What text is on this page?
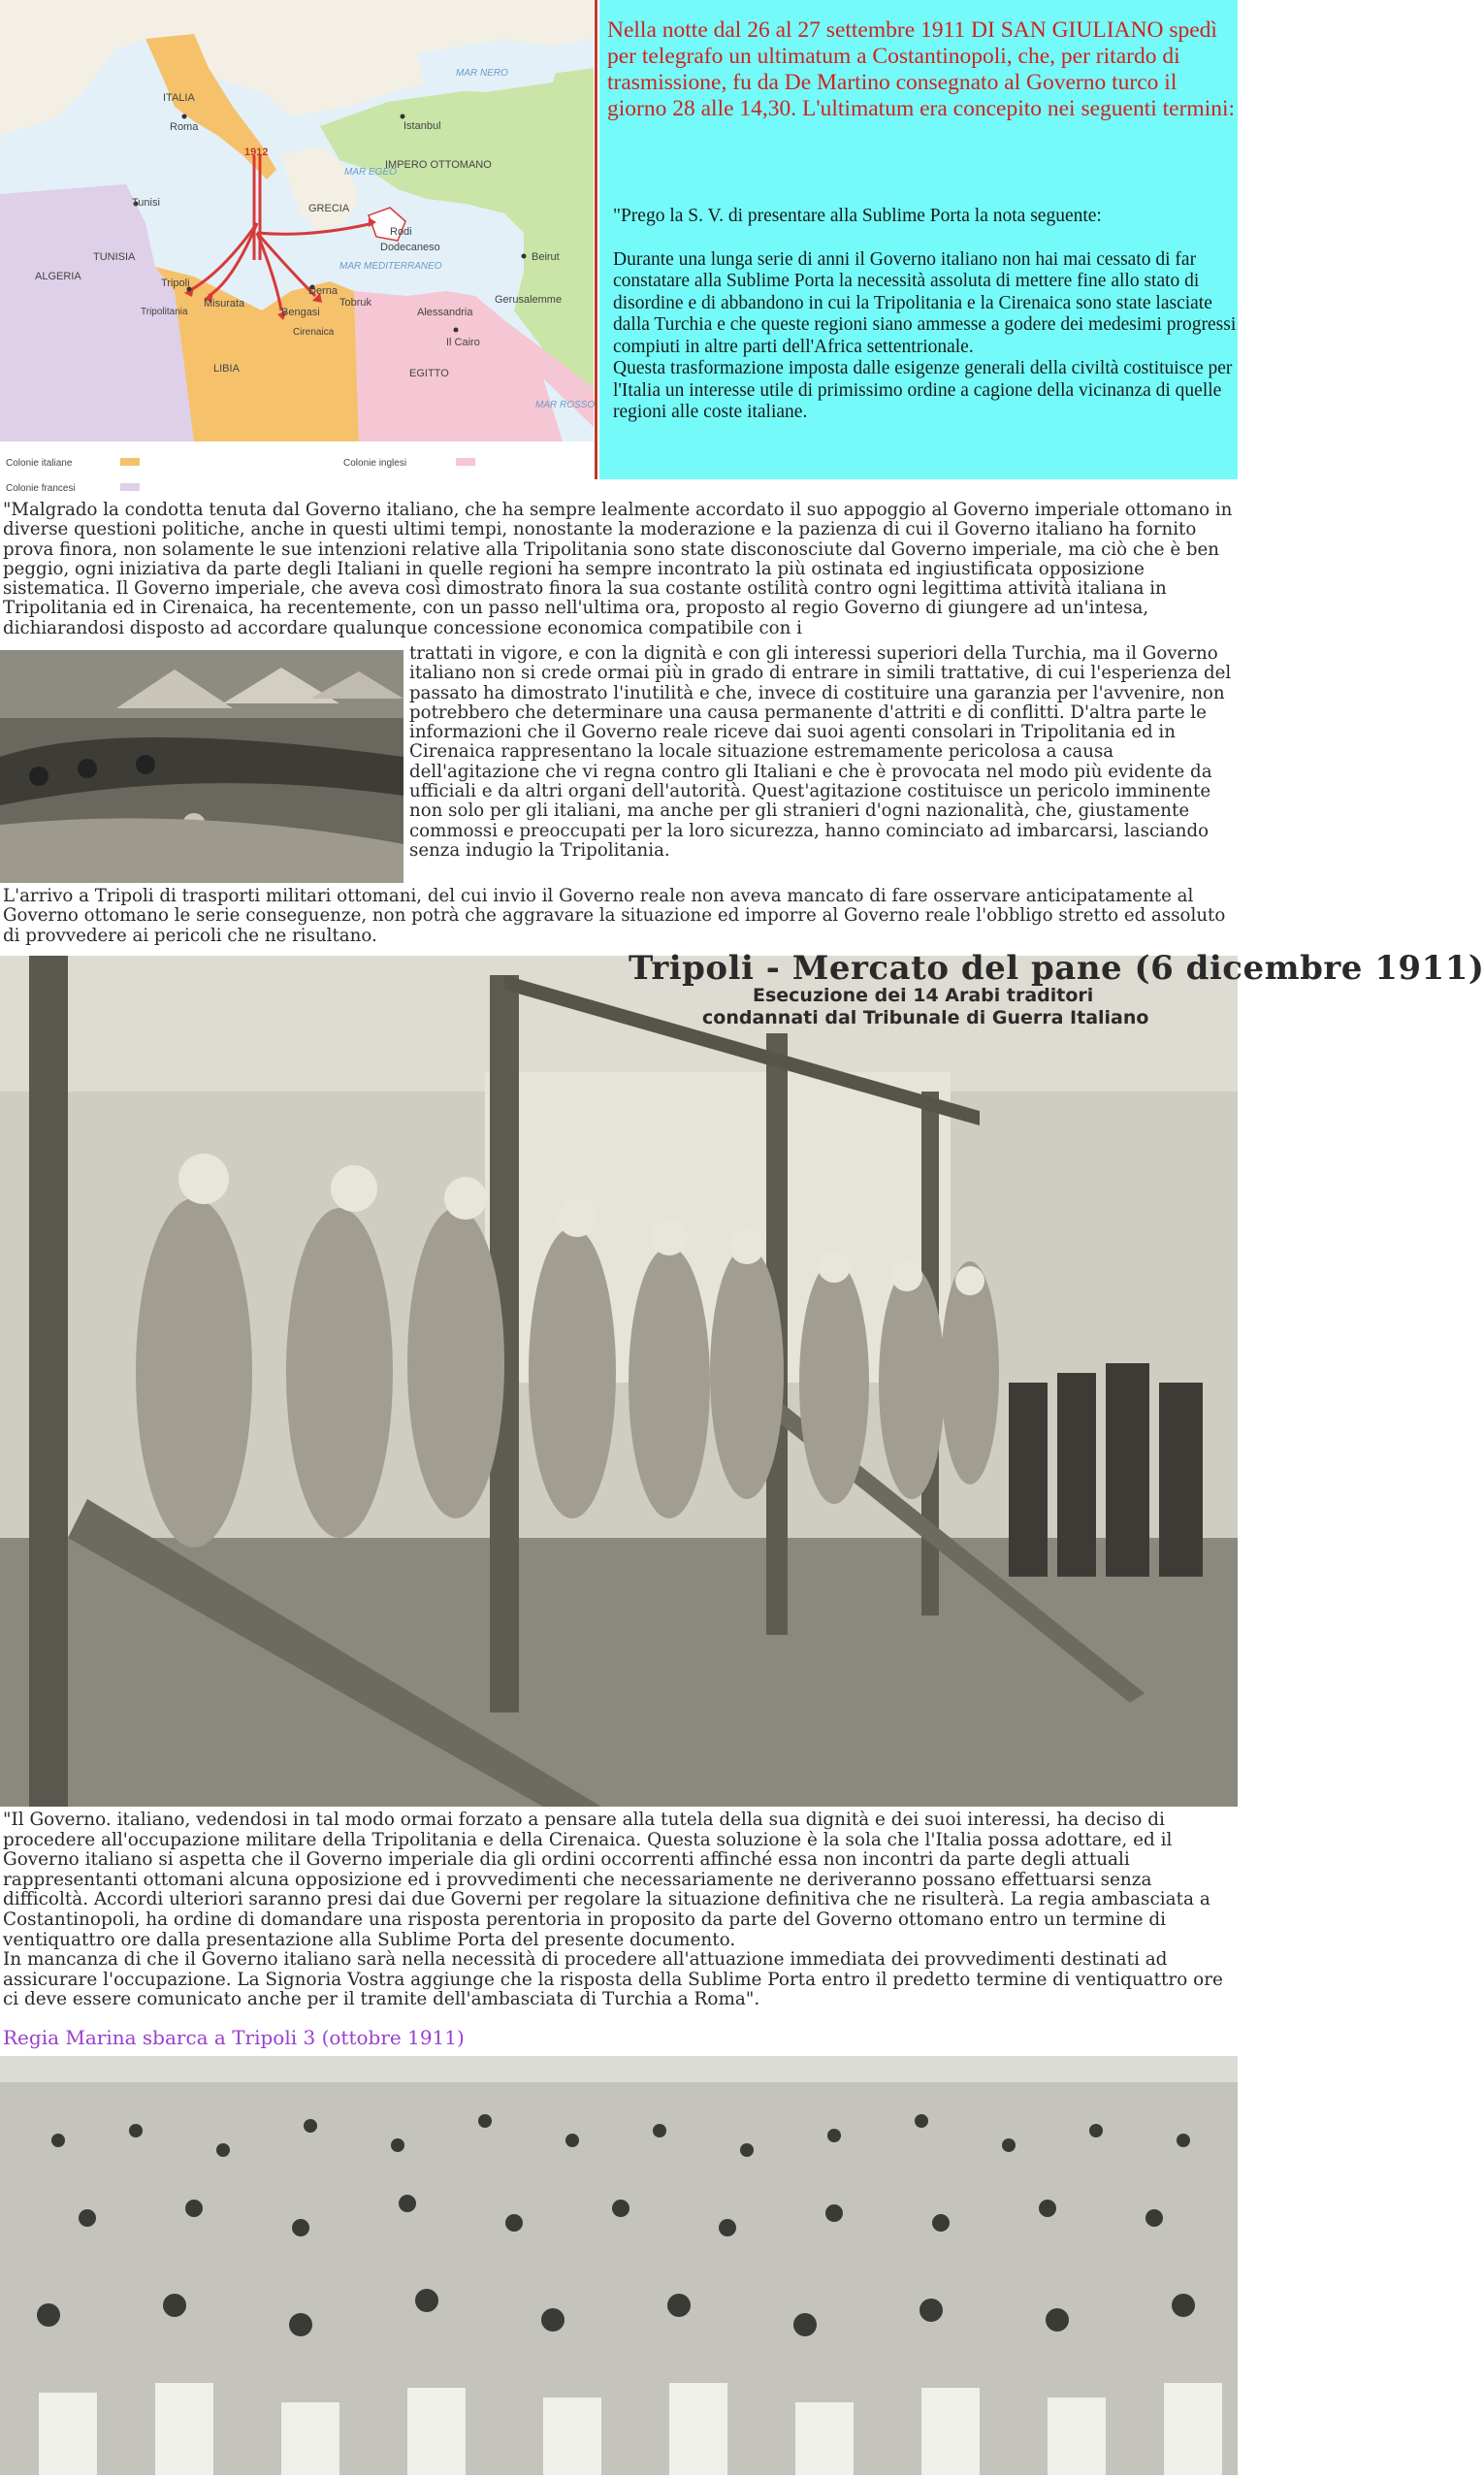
MAR NERO
ITALIA
Roma	Istanbul
1912
MAR EGEO
IMPERO OTTOMANO
Tunisi	GRECIA
Rodi
Dodecaneso
TUNISIA
MAR MEDITERRANEO
Beirut
ALGERIA
Tripoli
Misurata
Derna
Tobruk	Gerusalemme
Tripolitania	Bengasi	Alessandria
Cirenaica
Il Cairo
LIBIA	EGITTO
MAR ROSSO
Colonie italiane	Colonie inglesi
Colonie francesi
Nella notte dal 26 al 27 settembre 1911 DI SAN GIULIANO spedì per telegrafo un ultimatum a Costantinopoli, che, per ritardo di trasmissione, fu da De Martino consegnato al Governo turco il giorno 28 alle 14,30. L'ultimatum era concepito nei seguenti termini:

"Prego la S. V. di presentare alla Sublime Porta la nota seguente:

Durante una lunga serie di anni il Governo italiano non hai mai cessato di far constatare alla Sublime Porta la necessità assoluta di mettere fine allo stato di disordine e di abbandono in cui la Tripolitania e la Cirenaica sono state lasciate dalla Turchia e che queste regioni siano ammesse a godere dei medesimi progressi compiuti in altre parti dell'Africa settentrionale.

Questa trasformazione imposta dalle esigenze generali della civiltà costituisce per l'Italia un interesse utile di primissimo ordine a cagione della vicinanza di quelle regioni alle coste italiane.

"Malgrado la condotta tenuta dal Governo italiano, che ha sempre lealmente accordato il suo appoggio al Governo imperiale ottomano in diverse questioni politiche, anche in questi ultimi tempi, nonostante la moderazione e la pazienza di cui il Governo italiano ha fornito prova finora, non solamente le sue intenzioni relative alla Tripolitania sono state disconosciute dal Governo imperiale, ma ciò che è ben peggio, ogni iniziativa da parte degli Italiani in quelle regioni ha sempre incontrato la più ostinata ed ingiustificata opposizione sistematica. Il Governo imperiale, che aveva così dimostrato finora la sua costante ostilità contro ogni legittima attività italiana in Tripolitania ed in Cirenaica, ha recentemente, con un passo nell'ultima ora, proposto al regio Governo di giungere ad un'intesa, dichiarandosi disposto ad accordare qualunque concessione economica compatibile con i
trattati in vigore, e con la dignità e con gli interessi superiori della Turchia, ma il Governo italiano non si crede ormai più in grado di entrare in simili trattative, di cui l'esperienza del passato ha dimostrato l'inutilità e che, invece di costituire una garanzia per l'avvenire, non potrebbero che determinare una causa permanente d'attriti e di conflitti. D'altra parte le informazioni che il Governo reale riceve dai suoi agenti consolari in Tripolitania ed in Cirenaica rappresentano la locale situazione estremamente pericolosa a causa dell'agitazione che vi regna contro gli Italiani e che è provocata nel modo più evidente da ufficiali e da altri organi dell'autorità. Quest'agitazione costituisce un pericolo imminente non solo per gli italiani, ma anche per gli stranieri d'ogni nazionalità, che, giustamente commossi e preoccupati per la loro sicurezza, hanno cominciato ad imbarcarsi, lasciando senza indugio la Tripolitania.
L'arrivo a Tripoli di trasporti militari ottomani, del cui invio il Governo reale non aveva mancato di fare osservare anticipatamente al Governo ottomano le serie conseguenze, non potrà che aggravare la situazione ed imporre al Governo reale l'obbligo stretto ed assoluto di provvedere ai pericoli che ne risultano.
Tripoli - Mercato del pane (6 dicembre 1911)
Esecuzione dei 14 Arabi traditori
condannati dal Tribunale di Guerra Italiano
"Il Governo. italiano, vedendosi in tal modo ormai forzato a pensare alla tutela della sua dignità e dei suoi interessi, ha deciso di procedere all'occupazione militare della Tripolitania e della Cirenaica. Questa soluzione è la sola che l'Italia possa adottare, ed il Governo italiano si aspetta che il Governo imperiale dia gli ordini occorrenti affinché essa non incontri da parte degli attuali rappresentanti ottomani alcuna opposizione ed i provvedimenti che necessariamente ne deriveranno possano effettuarsi senza difficoltà. Accordi ulteriori saranno presi dai due Governi per regolare la situazione definitiva che ne risulterà. La regia ambasciata a Costantinopoli, ha ordine di domandare una risposta perentoria in proposito da parte del Governo ottomano entro un termine di ventiquattro ore dalla presentazione alla Sublime Porta del presente documento.
In mancanza di che il Governo italiano sarà nella necessità di procedere all'attuazione immediata dei provvedimenti destinati ad assicurare l'occupazione. La Signoria Vostra aggiunge che la risposta della Sublime Porta entro il predetto termine di ventiquattro ore ci deve essere comunicato anche per il tramite dell'ambasciata di Turchia a Roma".
Regia Marina sbarca a Tripoli 3 (ottobre 1911)
